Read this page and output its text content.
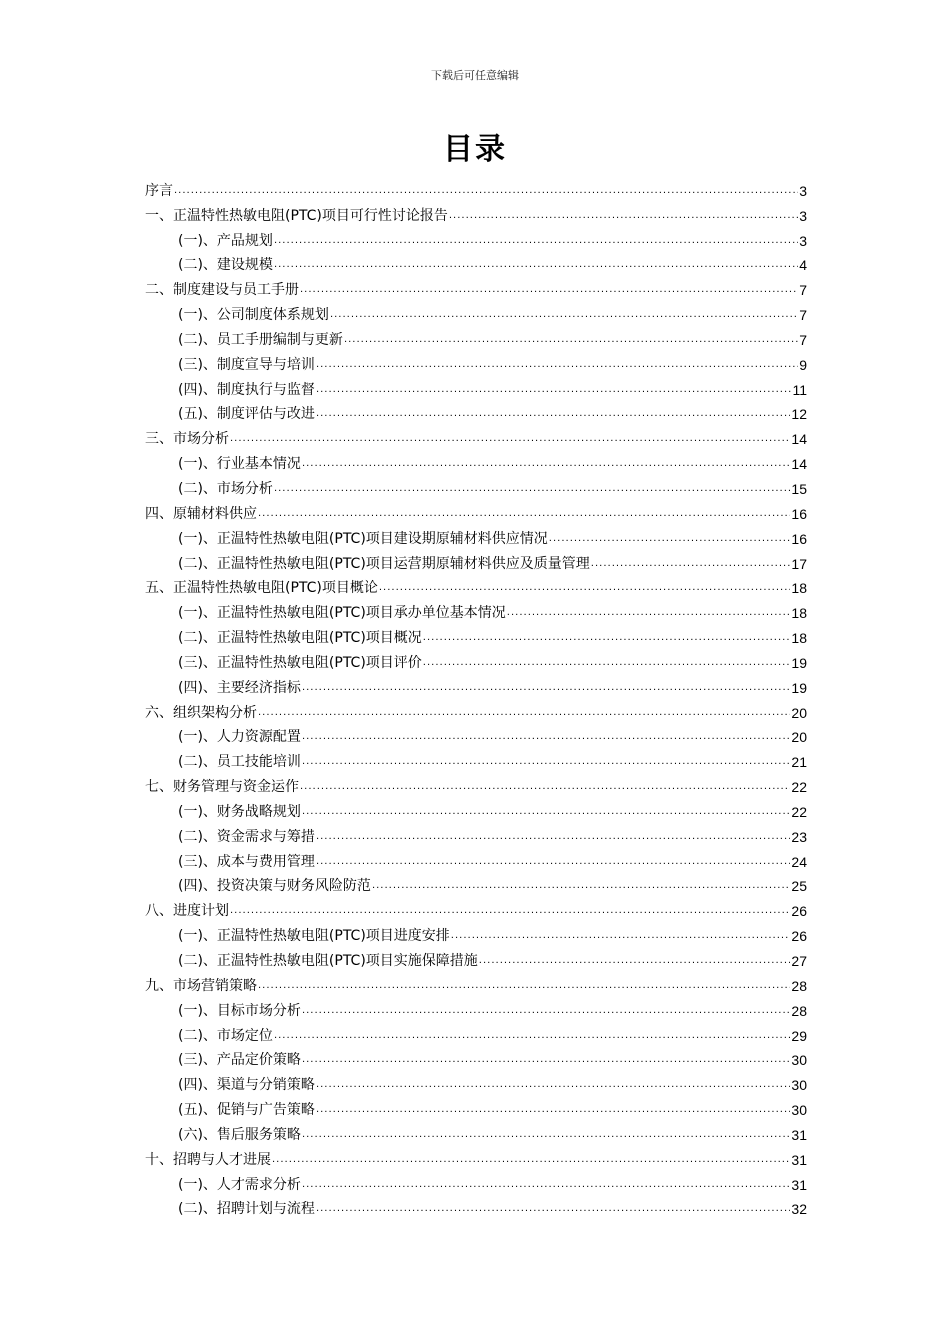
下载后可任意编辑
目录
序言 .....	3
一、正温特性热敏电阻(PTC)项目可行性讨论报告 .....	3
(一)、产品规划 .....	3
(二)、建设规模 .....	4
二、制度建设与员工手册 .....	7
(一)、公司制度体系规划 .....	7
(二)、员工手册编制与更新 .....	7
(三)、制度宣导与培训 .....	9
(四)、制度执行与监督 .....	11
(五)、制度评估与改进 .....	12
三、市场分析 .....	14
(一)、行业基本情况 .....	14
(二)、市场分析 .....	15
四、原辅材料供应 .....	16
(一)、正温特性热敏电阻(PTC)项目建设期原辅材料供应情况 .....	16
(二)、正温特性热敏电阻(PTC)项目运营期原辅材料供应及质量管理 .....	17
五、正温特性热敏电阻(PTC)项目概论 .....	18
(一)、正温特性热敏电阻(PTC)项目承办单位基本情况 .....	18
(二)、正温特性热敏电阻(PTC)项目概况 .....	18
(三)、正温特性热敏电阻(PTC)项目评价 .....	19
(四)、主要经济指标 .....	19
六、组织架构分析 .....	20
(一)、人力资源配置 .....	20
(二)、员工技能培训 .....	21
七、财务管理与资金运作 .....	22
(一)、财务战略规划 .....	22
(二)、资金需求与筹措 .....	23
(三)、成本与费用管理 .....	24
(四)、投资决策与财务风险防范 .....	25
八、进度计划 .....	26
(一)、正温特性热敏电阻(PTC)项目进度安排 .....	26
(二)、正温特性热敏电阻(PTC)项目实施保障措施 .....	27
九、市场营销策略 .....	28
(一)、目标市场分析 .....	28
(二)、市场定位 .....	29
(三)、产品定价策略 .....	30
(四)、渠道与分销策略 .....	30
(五)、促销与广告策略 .....	30
(六)、售后服务策略 .....	31
十、招聘与人才进展 .....	31
(一)、人才需求分析 .....	31
(二)、招聘计划与流程 .....	32
